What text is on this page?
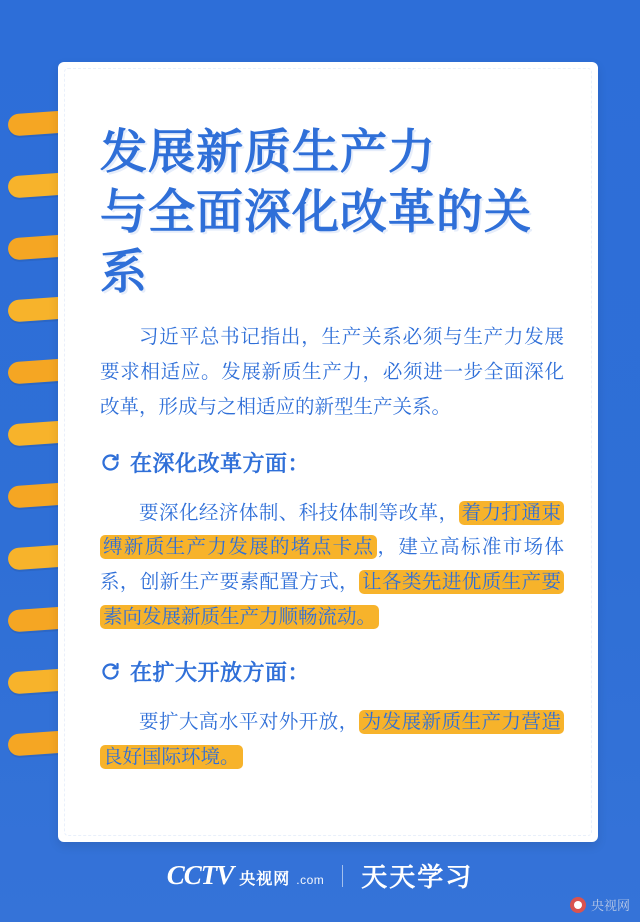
发展新质生产力
与全面深化改革的关系

习近平总书记指出，生产关系必须与生产力发展要求相适应。发展新质生产力，必须进一步全面深化改革，形成与之相适应的新型生产关系。

在深化改革方面：

要深化经济体制、科技体制等改革， 着力打通束缚新质生产力发展的堵点卡点 ，建立高标准市场体系，创新生产要素配置方式， 让各类先进优质生产要素向发展新质生产力顺畅流动。

在扩大开放方面：

要扩大高水平对外开放， 为发展新质生产力营造良好国际环境。

CCTV 央视网 .com 天天学习
央视网
